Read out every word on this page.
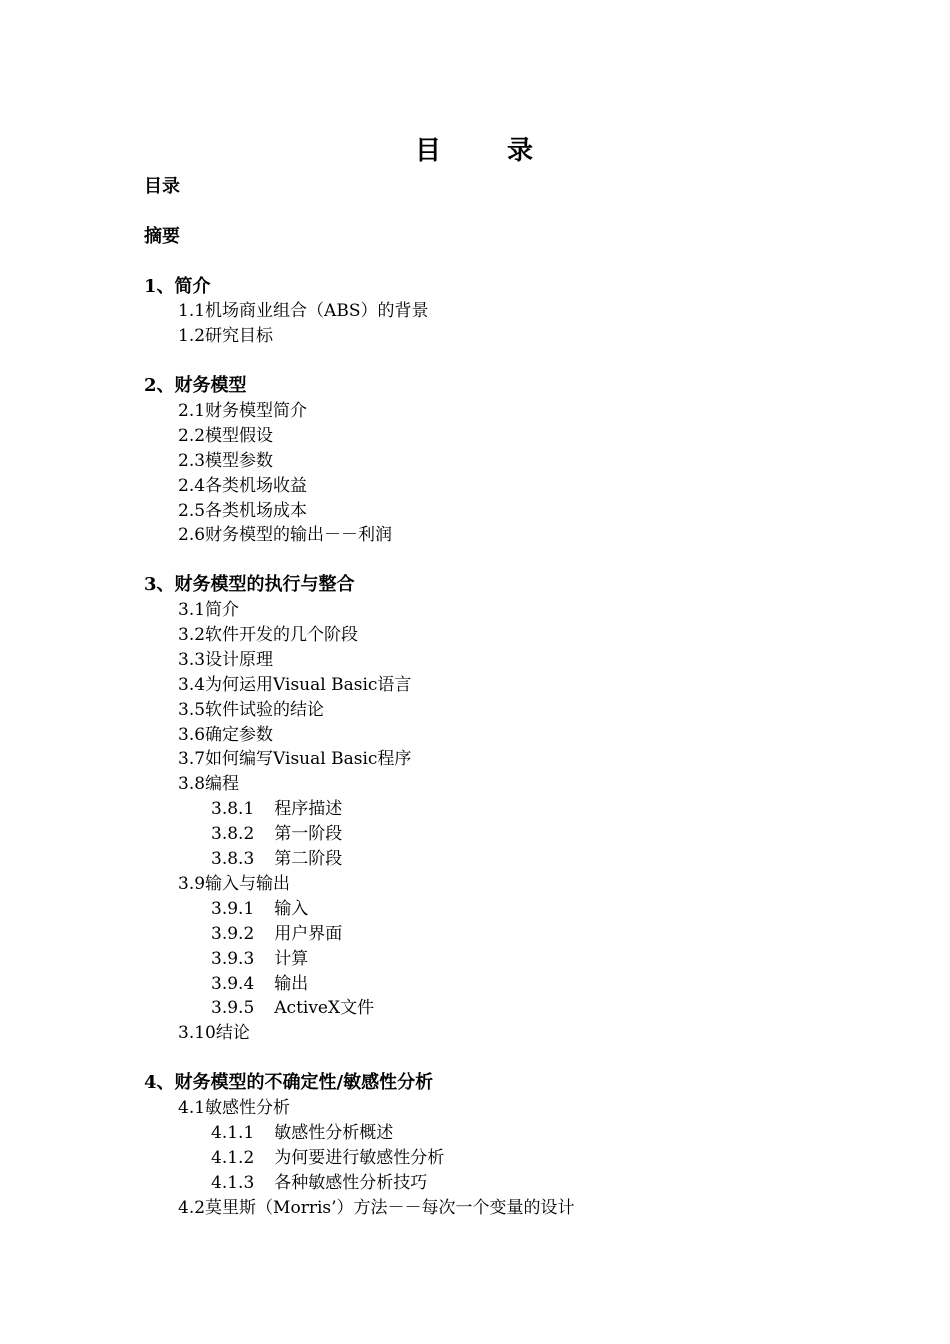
目 录
目录
摘要
1、简介
1.1机场商业组合（ABS）的背景
1.2研究目标
2、财务模型
2.1财务模型简介
2.2模型假设
2.3模型参数
2.4各类机场收益
2.5各类机场成本
2.6财务模型的输出－－利润
3、财务模型的执行与整合
3.1简介
3.2软件开发的几个阶段
3.3设计原理
3.4为何运用Visual Basic语言
3.5软件试验的结论
3.6确定参数
3.7如何编写Visual Basic程序
3.8编程
3.8.1 程序描述
3.8.2 第一阶段
3.8.3 第二阶段
3.9输入与输出
3.9.1 输入
3.9.2 用户界面
3.9.3 计算
3.9.4 输出
3.9.5 ActiveX文件
3.10结论
4、财务模型的不确定性/敏感性分析
4.1敏感性分析
4.1.1 敏感性分析概述
4.1.2 为何要进行敏感性分析
4.1.3 各种敏感性分析技巧
4.2莫里斯（Morris’）方法－－每次一个变量的设计
